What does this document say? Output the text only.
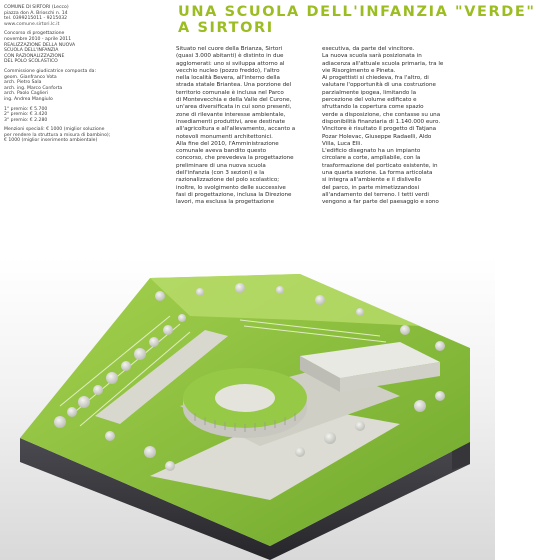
COMUNE DI SIRTORI (Lecco)
piazza don A. Brioschi n. 14
tel. 0399215011 - 9215032
www.comune.sirtori.lc.it

Concorso di progettazione
novembre 2010 - aprile 2011
REALIZZAZIONE DELLA NUOVA
SCUOLA DELL'INFANZIA
CON RAZIONALIZZAZIONE
DEL POLO SCOLASTICO

Commissione giudicatrice composta da:
geom. Gianfranco Vota
arch. Pietro Sala
arch. ing. Marco Conforta
arch. Paolo Caglieri
ing. Andrea Mangiulo

1° premio: € 5.700
2° premio: € 3.420
3° premio: € 2.280

Menzioni speciali: € 1000 (miglior soluzione
per rendere la struttura a misura di bambino);
€ 1000 (miglior inserimento ambientale)

UNA SCUOLA DELL'INFANZIA "VERDE"
A SIRTORI
Situato nel cuore della Brianza, Sirtori
(quasi 3.000 abitanti) è distinto in due
agglomerati: uno si sviluppa attorno al
vecchio nucleo (pozzo freddo), l'altro
nella località Bevera, all'interno della
strada statale Briantea. Una porzione del
territorio comunale è inclusa nel Parco
di Montevecchia e della Valle del Curone,
un'area diversificata in cui sono presenti,
zone di rilevante interesse ambientale,
insediamenti produttivi, aree destinate
all'agricoltura e all'allevamento, accanto a
notevoli monumenti architettonici.
Alla fine del 2010, l'Amministrazione
comunale aveva bandito questo
concorso, che prevedeva la progettazione
preliminare di una nuova scuola
dell'infanzia (con 3 sezioni) e la
razionalizzazione del polo scolastico;
inoltre, lo svolgimento delle successive
fasi di progettazione, inclusa la Direzione
lavori, ma esclusa la progettazione
esecutiva, da parte del vincitore.
La nuova scuola sarà posizionata in
adiacenza all'attuale scuola primaria, tra le
vie Risorgimento e Pineta.
Ai progettisti si chiedeva, fra l'altro, di
valutare l'opportunità di una costruzione
parzialmente ipogea, limitando la
percezione del volume edificato e
sfruttando la copertura come spazio
verde a disposizione, che contasse su una
disponibilità finanziaria di 1.140.000 euro.
Vincitore è risultato il progetto di Tatjana
Pozar Holevac, Giuseppe Radaelli, Aldo
Villa, Luca Elli.
L'edificio disegnato ha un impianto
circolare a corte, ampliabile, con la
trasformazione del porticato esistente, in
una quarta sezione. La forma articolata
si integra all'ambiente e il dislivello
del parco, in parte mimetizzandosi
all'andamento del terreno. I tetti verdi
vengono a far parte del paesaggio e sono
